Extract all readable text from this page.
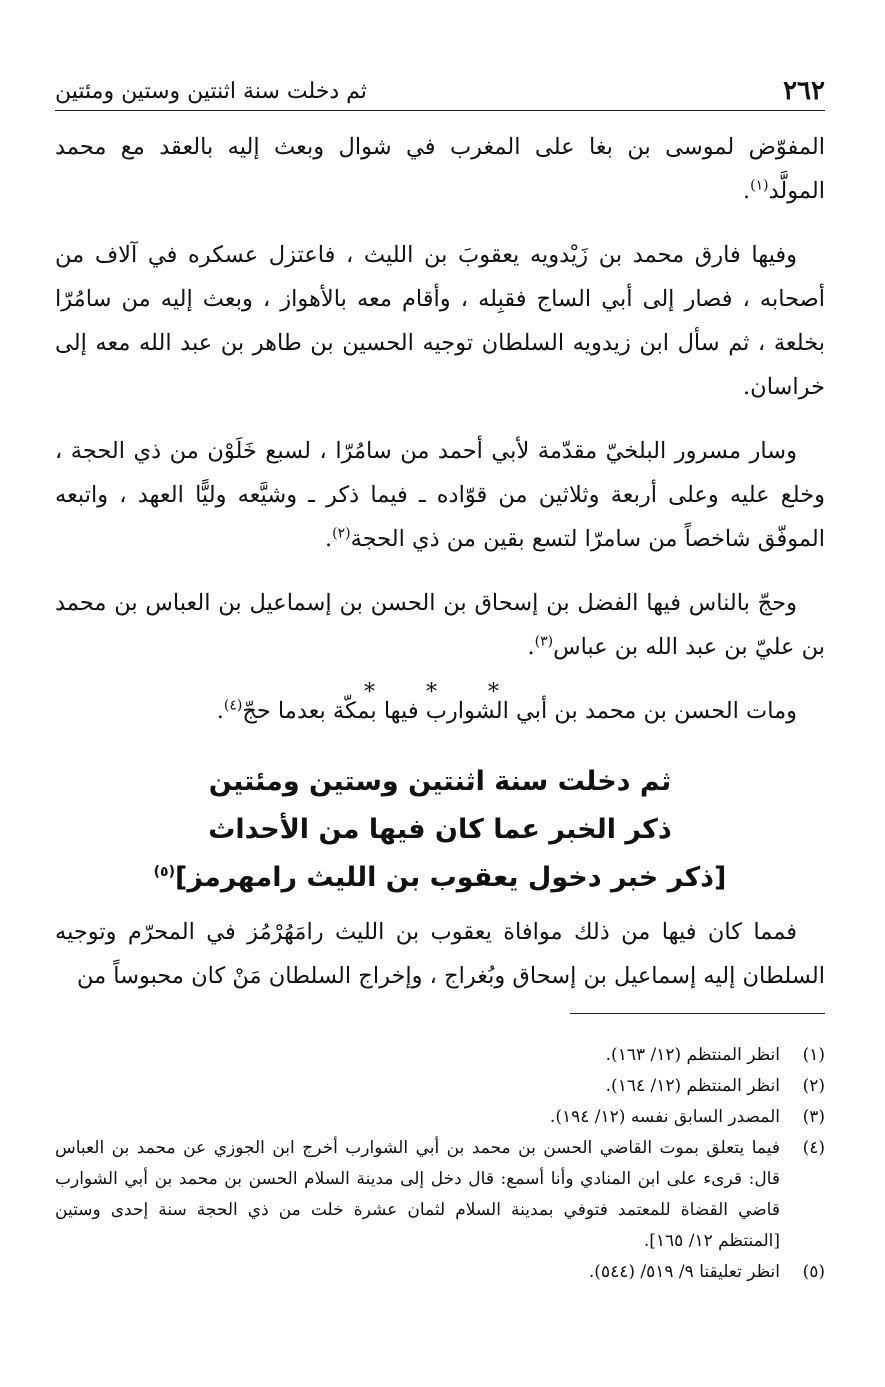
٢٦٢
ثم دخلت سنة اثنتين وستين ومئتين

المفوّض لموسى بن بغا على المغرب في شوال وبعث إليه بالعقد مع محمد المولَّد$^{(١)}$.

وفيها فارق محمد بن زَيْدويه يعقوبَ بن الليث ، فاعتزل عسكره في آلاف من أصحابه ، فصار إلى أبي الساج فقبِله ، وأقام معه بالأهواز ، وبعث إليه من سامُرّا بخلعة ، ثم سأل ابن زيدويه السلطان توجيه الحسين بن طاهر بن عبد الله معه إلى خراسان.

وسار مسرور البلخيّ مقدّمة لأبي أحمد من سامُرّا ، لسبع خَلَوْن من ذي الحجة ، وخلع عليه وعلى أربعة وثلاثين من قوّاده ـ فيما ذكر ـ وشيَّعه وليًّا العهد ، واتبعه الموفّق شاخصاً من سامرّا لتسع بقين من ذي الحجة$^{(٢)}$.

وحجّ بالناس فيها الفضل بن إسحاق بن الحسن بن إسماعيل بن العباس بن محمد بن عليّ بن عبد الله بن عباس$^{(٣)}$.

ومات الحسن بن محمد بن أبي الشوارب فيها بمكّة بعدما حجّ$^{(٤)}$.

* * *
ثم دخلت سنة اثنتين وستين ومئتين
ذكر الخبر عما كان فيها من الأحداث
[ذكر خبر دخول يعقوب بن الليث رامهرمز]$^{(٥)}$

فمما كان فيها من ذلك موافاة يعقوب بن الليث رامَهُرْمُز في المحرّم وتوجيه السلطان إليه إسماعيل بن إسحاق وبُغراج ، وإخراج السلطان مَنْ كان محبوساً من

(١)
انظر المنتظم (١٢/ ١٦٣).
(٢)
انظر المنتظم (١٢/ ١٦٤).
(٣)
المصدر السابق نفسه (١٢/ ١٩٤).
(٤)
فيما يتعلق بموت القاضي الحسن بن محمد بن أبي الشوارب أخرج ابن الجوزي عن محمد بن العباس قال: قرىء على ابن المنادي وأنا أسمع: قال دخل إلى مدينة السلام الحسن بن محمد بن أبي الشوارب قاضي القضاة للمعتمد فتوفي بمدينة السلام لثمان عشرة خلت من ذي الحجة سنة إحدى وستين [المنتظم ١٢/ ١٦٥].
(٥)
انظر تعليقنا ٩/ ٥١٩/ (٥٤٤).
